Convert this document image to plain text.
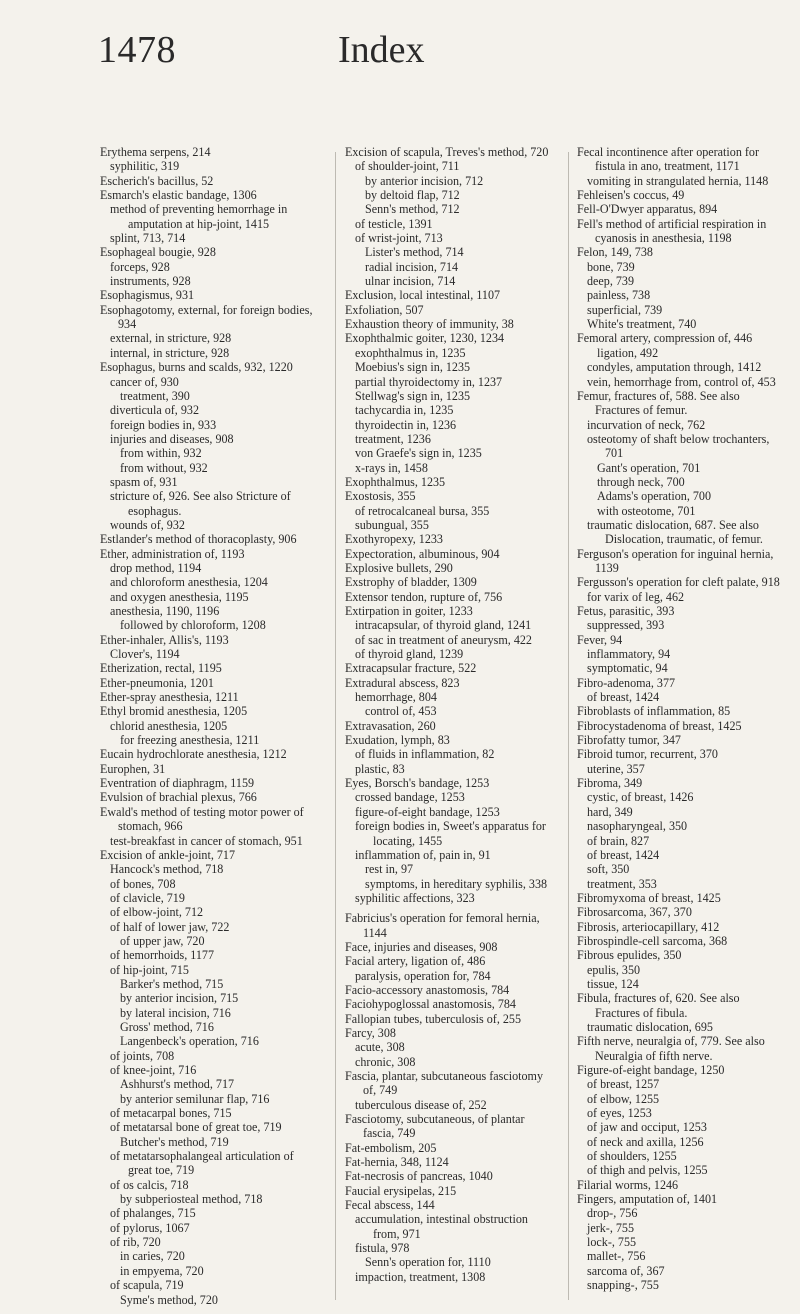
1478	Index
Erythema serpens, 214
syphilitic, 319
Escherich's bacillus, 52
Esmarch's elastic bandage, 1306
method of preventing hemorrhage in amputation at hip-joint, 1415
splint, 713, 714
Esophageal bougie, 928
forceps, 928
instruments, 928
Esophagismus, 931
Esophagotomy, external, for foreign bodies, 934
external, in stricture, 928
internal, in stricture, 928
Esophagus, burns and scalds, 932, 1220
cancer of, 930
treatment, 390
diverticula of, 932
foreign bodies in, 933
injuries and diseases, 908
from within, 932
from without, 932
spasm of, 931
stricture of, 926. See also Stricture of esophagus.
wounds of, 932
Estlander's method of thoracoplasty, 906
Ether, administration of, 1193
drop method, 1194
and chloroform anesthesia, 1204
and oxygen anesthesia, 1195
anesthesia, 1190, 1196
followed by chloroform, 1208
Ether-inhaler, Allis's, 1193
Clover's, 1194
Etherization, rectal, 1195
Ether-pneumonia, 1201
Ether-spray anesthesia, 1211
Ethyl bromid anesthesia, 1205
chlorid anesthesia, 1205
for freezing anesthesia, 1211
Eucain hydrochlorate anesthesia, 1212
Europhen, 31
Eventration of diaphragm, 1159
Evulsion of brachial plexus, 766
Ewald's method of testing motor power of stomach, 966
test-breakfast in cancer of stomach, 951
Excision of ankle-joint, 717
Hancock's method, 718
of bones, 708
of clavicle, 719
of elbow-joint, 712
of half of lower jaw, 722
of upper jaw, 720
of hemorrhoids, 1177
of hip-joint, 715
Barker's method, 715
by anterior incision, 715
by lateral incision, 716
Gross' method, 716
Langenbeck's operation, 716
of joints, 708
of knee-joint, 716
Ashhurst's method, 717
by anterior semilunar flap, 716
of metacarpal bones, 715
of metatarsal bone of great toe, 719
Butcher's method, 719
of metatarsophalangeal articulation of great toe, 719
of os calcis, 718
by subperiosteal method, 718
of phalanges, 715
of pylorus, 1067
of rib, 720
in caries, 720
in empyema, 720
of scapula, 719
Syme's method, 720
Excision of scapula, Treves's method, 720
of shoulder-joint, 711
by anterior incision, 712
by deltoid flap, 712
Senn's method, 712
of testicle, 1391
of wrist-joint, 713
Lister's method, 714
radial incision, 714
ulnar incision, 714
Exclusion, local intestinal, 1107
Exfoliation, 507
Exhaustion theory of immunity, 38
Exophthalmic goiter, 1230, 1234
exophthalmus in, 1235
Moebius's sign in, 1235
partial thyroidectomy in, 1237
Stellwag's sign in, 1235
tachycardia in, 1235
thyroidectin in, 1236
treatment, 1236
von Graefe's sign in, 1235
x-rays in, 1458
Exophthalmus, 1235
Exostosis, 355
of retrocalcaneal bursa, 355
subungual, 355
Exothyropexy, 1233
Expectoration, albuminous, 904
Explosive bullets, 290
Exstrophy of bladder, 1309
Extensor tendon, rupture of, 756
Extirpation in goiter, 1233
intracapsular, of thyroid gland, 1241
of sac in treatment of aneurysm, 422
of thyroid gland, 1239
Extracapsular fracture, 522
Extradural abscess, 823
hemorrhage, 804
control of, 453
Extravasation, 260
Exudation, lymph, 83
of fluids in inflammation, 82
plastic, 83
Eyes, Borsch's bandage, 1253
crossed bandage, 1253
figure-of-eight bandage, 1253
foreign bodies in, Sweet's apparatus for locating, 1455
inflammation of, pain in, 91
rest in, 97
symptoms, in hereditary syphilis, 338
syphilitic affections, 323
Fabricius's operation for femoral hernia, 1144
Face, injuries and diseases, 908
Facial artery, ligation of, 486
paralysis, operation for, 784
Facio-accessory anastomosis, 784
Faciohypoglossal anastomosis, 784
Fallopian tubes, tuberculosis of, 255
Farcy, 308
acute, 308
chronic, 308
Fascia, plantar, subcutaneous fasciotomy of, 749
tuberculous disease of, 252
Fasciotomy, subcutaneous, of plantar fascia, 749
Fat-embolism, 205
Fat-hernia, 348, 1124
Fat-necrosis of pancreas, 1040
Faucial erysipelas, 215
Fecal abscess, 144
accumulation, intestinal obstruction from, 971
fistula, 978
Senn's operation for, 1110
impaction, treatment, 1308
Fecal incontinence after operation for fistula in ano, treatment, 1171
vomiting in strangulated hernia, 1148
Fehleisen's coccus, 49
Fell-O'Dwyer apparatus, 894
Fell's method of artificial respiration in cyanosis in anesthesia, 1198
Felon, 149, 738
bone, 739
deep, 739
painless, 738
superficial, 739
White's treatment, 740
Femoral artery, compression of, 446
ligation, 492
condyles, amputation through, 1412
vein, hemorrhage from, control of, 453
Femur, fractures of, 588. See also Fractures of femur.
incurvation of neck, 762
osteotomy of shaft below trochanters, 701
Gant's operation, 701
through neck, 700
Adams's operation, 700
with osteotome, 701
traumatic dislocation, 687. See also Dislocation, traumatic, of femur.
Ferguson's operation for inguinal hernia, 1139
Fergusson's operation for cleft palate, 918
for varix of leg, 462
Fetus, parasitic, 393
suppressed, 393
Fever, 94
inflammatory, 94
symptomatic, 94
Fibro-adenoma, 377
of breast, 1424
Fibroblasts of inflammation, 85
Fibrocystadenoma of breast, 1425
Fibrofatty tumor, 347
Fibroid tumor, recurrent, 370
uterine, 357
Fibroma, 349
cystic, of breast, 1426
hard, 349
nasopharyngeal, 350
of brain, 827
of breast, 1424
soft, 350
treatment, 353
Fibromyxoma of breast, 1425
Fibrosarcoma, 367, 370
Fibrosis, arteriocapillary, 412
Fibrospindle-cell sarcoma, 368
Fibrous epulides, 350
epulis, 350
tissue, 124
Fibula, fractures of, 620. See also Fractures of fibula.
traumatic dislocation, 695
Fifth nerve, neuralgia of, 779. See also Neuralgia of fifth nerve.
Figure-of-eight bandage, 1250
of breast, 1257
of elbow, 1255
of eyes, 1253
of jaw and occiput, 1253
of neck and axilla, 1256
of shoulders, 1255
of thigh and pelvis, 1255
Filarial worms, 1246
Fingers, amputation of, 1401
drop-, 756
jerk-, 755
lock-, 755
mallet-, 756
sarcoma of, 367
snapping-, 755
